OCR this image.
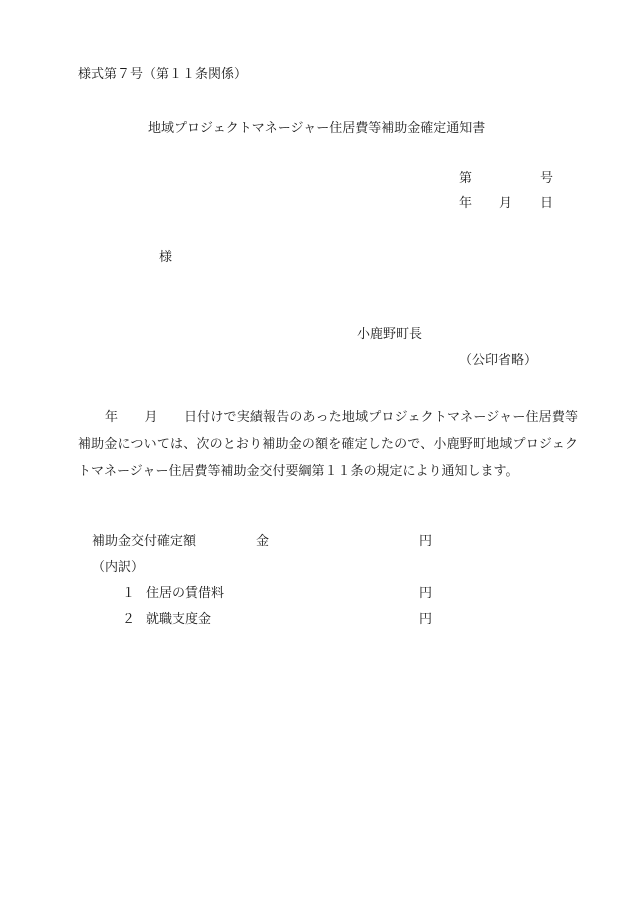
様式第７号（第１１条関係）
地域プロジェクトマネージャー住居費等補助金確定通知書
第	号
年 月 日
様
小鹿野町長
（公印省略）
年　　月　　日付けで実績報告のあった地域プロジェクトマネージャー住居費等補助金については、次のとおり補助金の額を確定したので、小鹿野町地域プロジェクトマネージャー住居費等補助金交付要綱第１１条の規定により通知します。
補助金交付確定額	金	円
（内訳）
１ 住居の賃借料	円
２ 就職支度金	円
